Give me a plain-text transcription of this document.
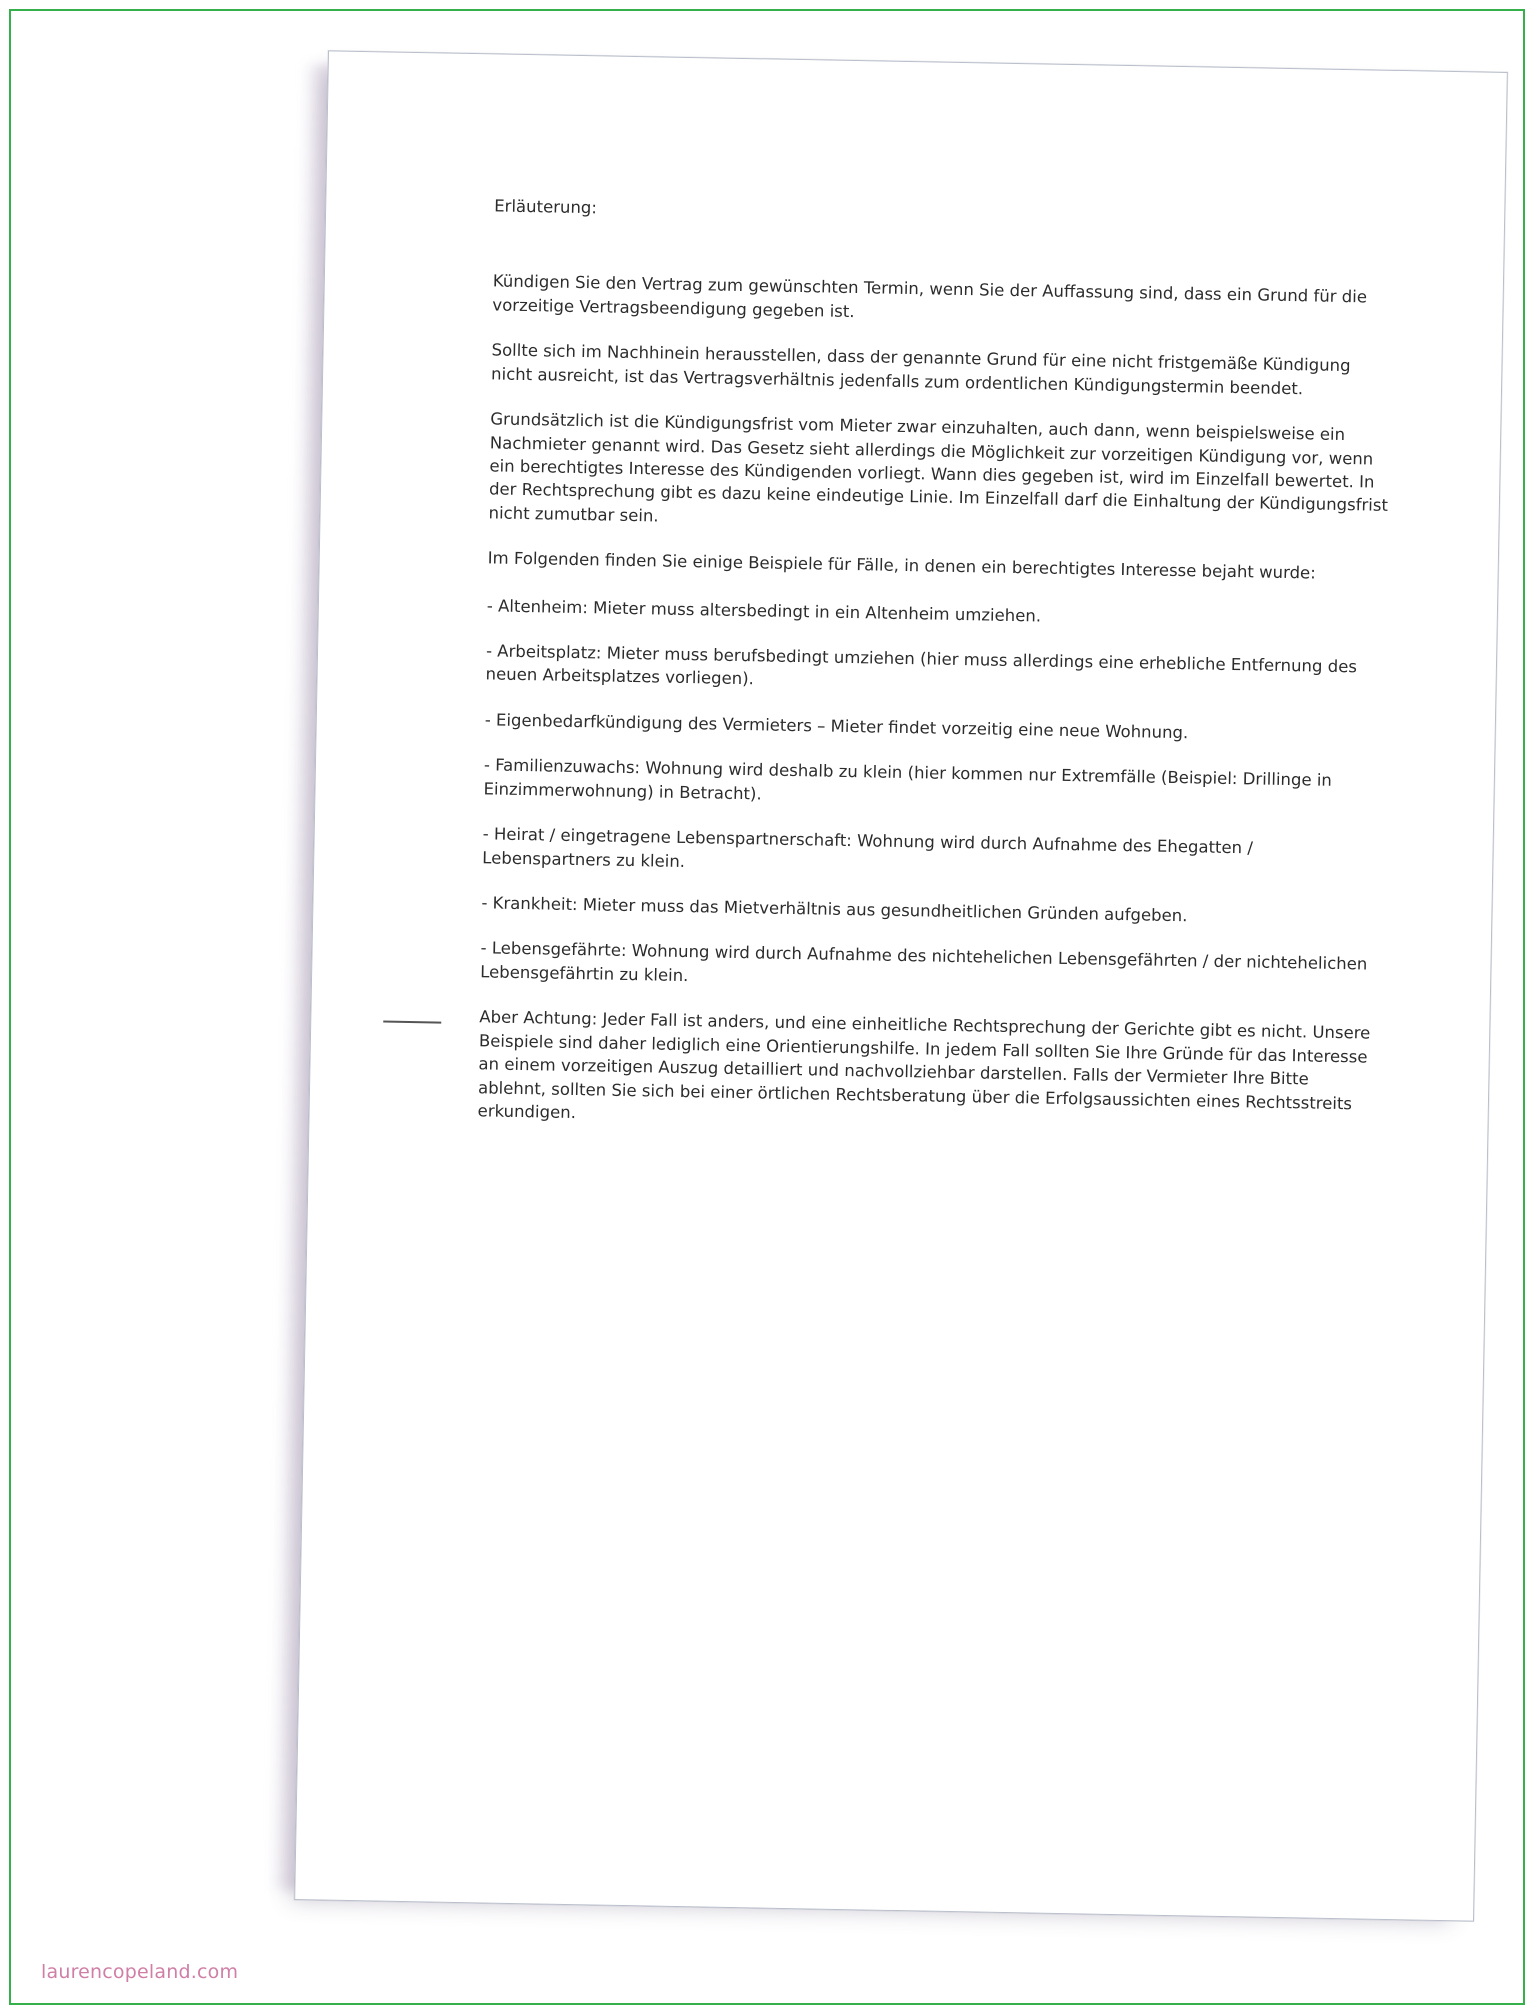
Erläuterung:

Kündigen Sie den Vertrag zum gewünschten Termin, wenn Sie der Auffassung sind, dass ein Grund für die vorzeitige Vertragsbeendigung gegeben ist.

Sollte sich im Nachhinein herausstellen, dass der genannte Grund für eine nicht fristgemäße Kündigung nicht ausreicht, ist das Vertragsverhältnis jedenfalls zum ordentlichen Kündigungstermin beendet.

Grundsätzlich ist die Kündigungsfrist vom Mieter zwar einzuhalten, auch dann, wenn beispielsweise ein Nachmieter genannt wird. Das Gesetz sieht allerdings die Möglichkeit zur vorzeitigen Kündigung vor, wenn ein berechtigtes Interesse des Kündigenden vorliegt. Wann dies gegeben ist, wird im Einzelfall bewertet. In der Rechtsprechung gibt es dazu keine eindeutige Linie. Im Einzelfall darf die Einhaltung der Kündigungsfrist nicht zumutbar sein.

Im Folgenden finden Sie einige Beispiele für Fälle, in denen ein berechtigtes Interesse bejaht wurde:

- Altenheim: Mieter muss altersbedingt in ein Altenheim umziehen.

- Arbeitsplatz: Mieter muss berufsbedingt umziehen (hier muss allerdings eine erhebliche Entfernung des neuen Arbeitsplatzes vorliegen).

- Eigenbedarfkündigung des Vermieters – Mieter findet vorzeitig eine neue Wohnung.

- Familienzuwachs: Wohnung wird deshalb zu klein (hier kommen nur Extremfälle (Beispiel: Drillinge in Einzimmerwohnung) in Betracht).

- Heirat / eingetragene Lebenspartnerschaft: Wohnung wird durch Aufnahme des Ehegatten / Lebenspartners zu klein.

- Krankheit: Mieter muss das Mietverhältnis aus gesundheitlichen Gründen aufgeben.

- Lebensgefährte: Wohnung wird durch Aufnahme des nichtehelichen Lebensgefährten / der nichtehelichen Lebensgefährtin zu klein.

Aber Achtung: Jeder Fall ist anders, und eine einheitliche Rechtsprechung der Gerichte gibt es nicht. Unsere Beispiele sind daher lediglich eine Orientierungshilfe. In jedem Fall sollten Sie Ihre Gründe für das Interesse an einem vorzeitigen Auszug detailliert und nachvollziehbar darstellen. Falls der Vermieter Ihre Bitte ablehnt, sollten Sie sich bei einer örtlichen Rechtsberatung über die Erfolgsaussichten eines Rechtsstreits erkundigen.

laurencopeland.com
